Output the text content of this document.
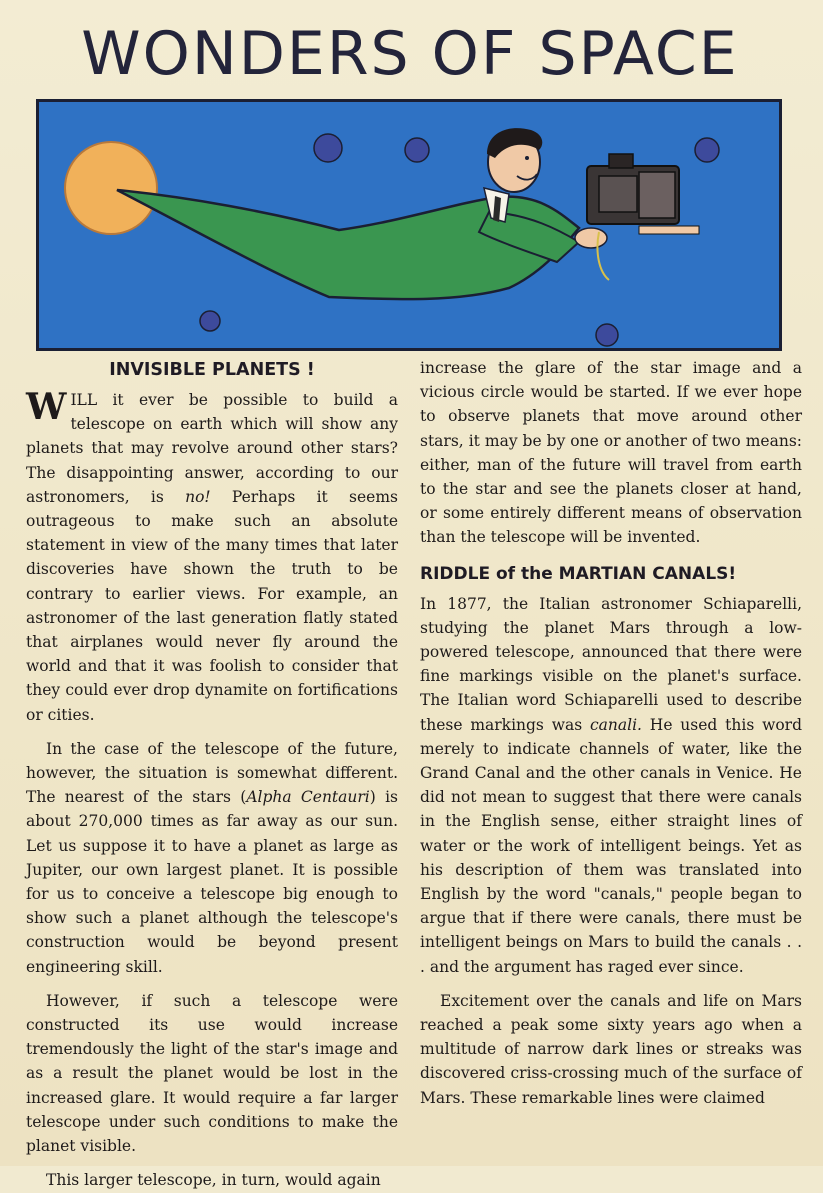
WONDERS OF SPACE
INVISIBLE PLANETS !

WILL it ever be possible to build a telescope on earth which will show any planets that may revolve around other stars? The disappointing answer, according to our astronomers, is no! Perhaps it seems outrageous to make such an absolute statement in view of the many times that later discoveries have shown the truth to be contrary to earlier views. For example, an astronomer of the last generation flatly stated that airplanes would never fly around the world and that it was foolish to consider that they could ever drop dynamite on fortifications or cities.

In the case of the telescope of the future, however, the situation is somewhat different. The nearest of the stars (Alpha Centauri) is about 270,000 times as far away as our sun. Let us suppose it to have a planet as large as Jupiter, our own largest planet. It is possible for us to conceive a telescope big enough to show such a planet although the telescope's construction would be beyond present engineering skill.

However, if such a telescope were constructed its use would increase tremendously the light of the star's image and as a result the planet would be lost in the increased glare. It would require a far larger telescope under such conditions to make the planet visible.

This larger telescope, in turn, would again

increase the glare of the star image and a vicious circle would be started. If we ever hope to observe planets that move around other stars, it may be by one or another of two means: either, man of the future will travel from earth to the star and see the planets closer at hand, or some entirely different means of observation than the telescope will be invented.

RIDDLE of the MARTIAN CANALS!

In 1877, the Italian astronomer Schiaparelli, studying the planet Mars through a low-powered telescope, announced that there were fine markings visible on the planet's surface. The Italian word Schiaparelli used to describe these markings was canali. He used this word merely to indicate channels of water, like the Grand Canal and the other canals in Venice. He did not mean to suggest that there were canals in the English sense, either straight lines of water or the work of intelligent beings. Yet as his description of them was translated into English by the word "canals," people began to argue that if there were canals, there must be intelligent beings on Mars to build the canals . . . and the argument has raged ever since.

Excitement over the canals and life on Mars reached a peak some sixty years ago when a multitude of narrow dark lines or streaks was discovered criss-crossing much of the surface of Mars. These remarkable lines were claimed
